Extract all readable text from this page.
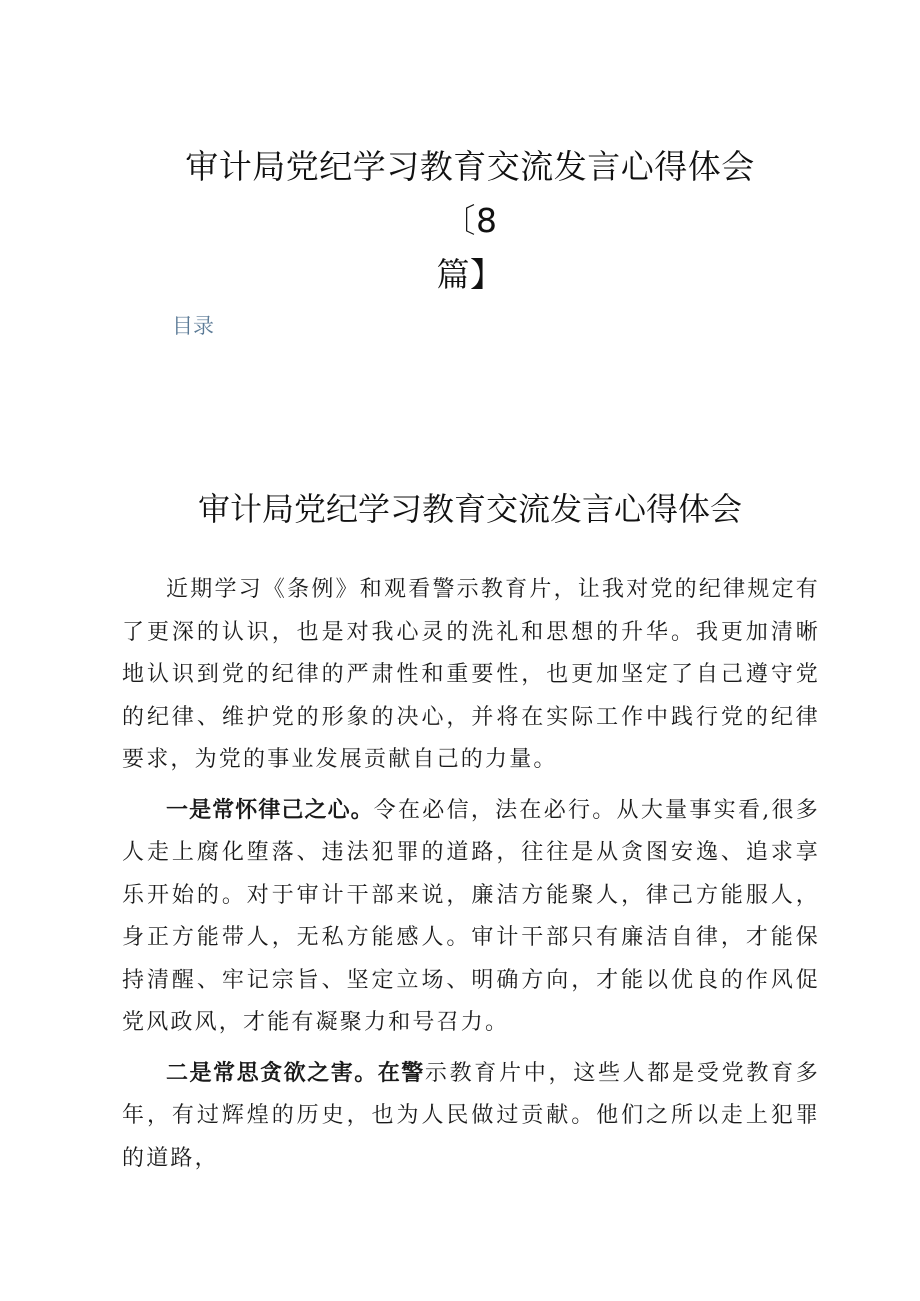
审计局党纪学习教育交流发言心得体会〔8
篇】
目录
审计局党纪学习教育交流发言心得体会

近期学习《条例》和观看警示教育片，让我对党的纪律规定有了更深的认识，也是对我心灵的洗礼和思想的升华。我更加清晰地认识到党的纪律的严肃性和重要性，也更加坚定了自己遵守党的纪律、维护党的形象的决心，并将在实际工作中践行党的纪律要求，为党的事业发展贡献自己的力量。

一是常怀律己之心。令在必信，法在必行。从大量事实看,很多人走上腐化堕落、违法犯罪的道路，往往是从贪图安逸、追求享乐开始的。对于审计干部来说，廉洁方能聚人，律己方能服人，身正方能带人，无私方能感人。审计干部只有廉洁自律，才能保持清醒、牢记宗旨、坚定立场、明确方向，才能以优良的作风促党风政风，才能有凝聚力和号召力。

二是常思贪欲之害。在警示教育片中，这些人都是受党教育多年，有过辉煌的历史，也为人民做过贡献。他们之所以走上犯罪的道路，
